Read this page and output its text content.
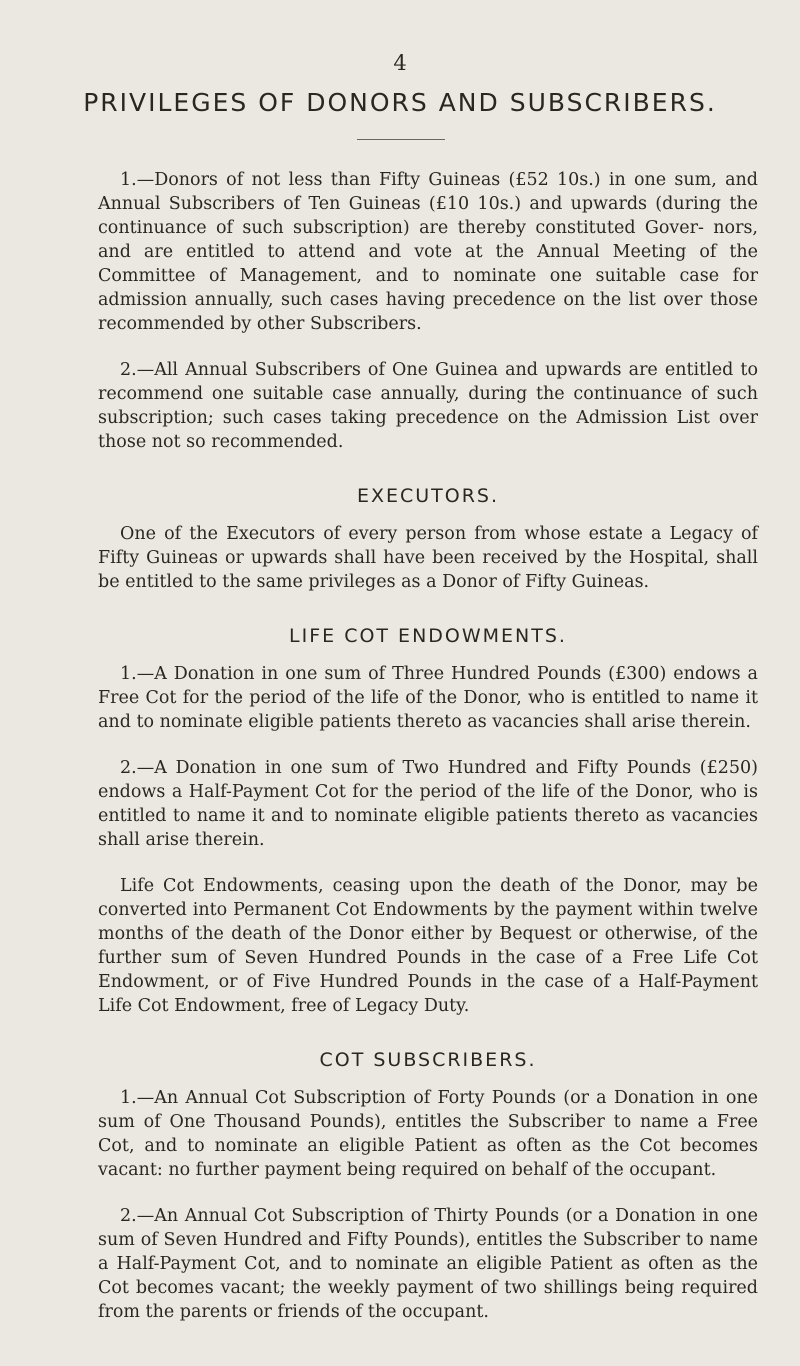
4
PRIVILEGES OF DONORS AND SUBSCRIBERS.

1.—Donors of not less than Fifty Guineas (£52 10s.) in one sum, and Annual Subscribers of Ten Guineas (£10 10s.) and upwards (during the continuance of such subscription) are thereby constituted Gover- nors, and are entitled to attend and vote at the Annual Meeting of the Committee of Management, and to nominate one suitable case for admission annually, such cases having precedence on the list over those recommended by other Subscribers.

2.—All Annual Subscribers of One Guinea and upwards are entitled to recommend one suitable case annually, during the continuance of such subscription; such cases taking precedence on the Admission List over those not so recommended.

EXECUTORS.

One of the Executors of every person from whose estate a Legacy of Fifty Guineas or upwards shall have been received by the Hospital, shall be entitled to the same privileges as a Donor of Fifty Guineas.

LIFE COT ENDOWMENTS.

1.—A Donation in one sum of Three Hundred Pounds (£300) endows a Free Cot for the period of the life of the Donor, who is entitled to name it and to nominate eligible patients thereto as vacancies shall arise therein.

2.—A Donation in one sum of Two Hundred and Fifty Pounds (£250) endows a Half-Payment Cot for the period of the life of the Donor, who is entitled to name it and to nominate eligible patients thereto as vacancies shall arise therein.

Life Cot Endowments, ceasing upon the death of the Donor, may be converted into Permanent Cot Endowments by the payment within twelve months of the death of the Donor either by Bequest or otherwise, of the further sum of Seven Hundred Pounds in the case of a Free Life Cot Endowment, or of Five Hundred Pounds in the case of a Half-Payment Life Cot Endowment, free of Legacy Duty.

COT SUBSCRIBERS.

1.—An Annual Cot Subscription of Forty Pounds (or a Donation in one sum of One Thousand Pounds), entitles the Subscriber to name a Free Cot, and to nominate an eligible Patient as often as the Cot becomes vacant: no further payment being required on behalf of the occupant.

2.—An Annual Cot Subscription of Thirty Pounds (or a Donation in one sum of Seven Hundred and Fifty Pounds), entitles the Subscriber to name a Half-Payment Cot, and to nominate an eligible Patient as often as the Cot becomes vacant; the weekly payment of two shillings being required from the parents or friends of the occupant.
